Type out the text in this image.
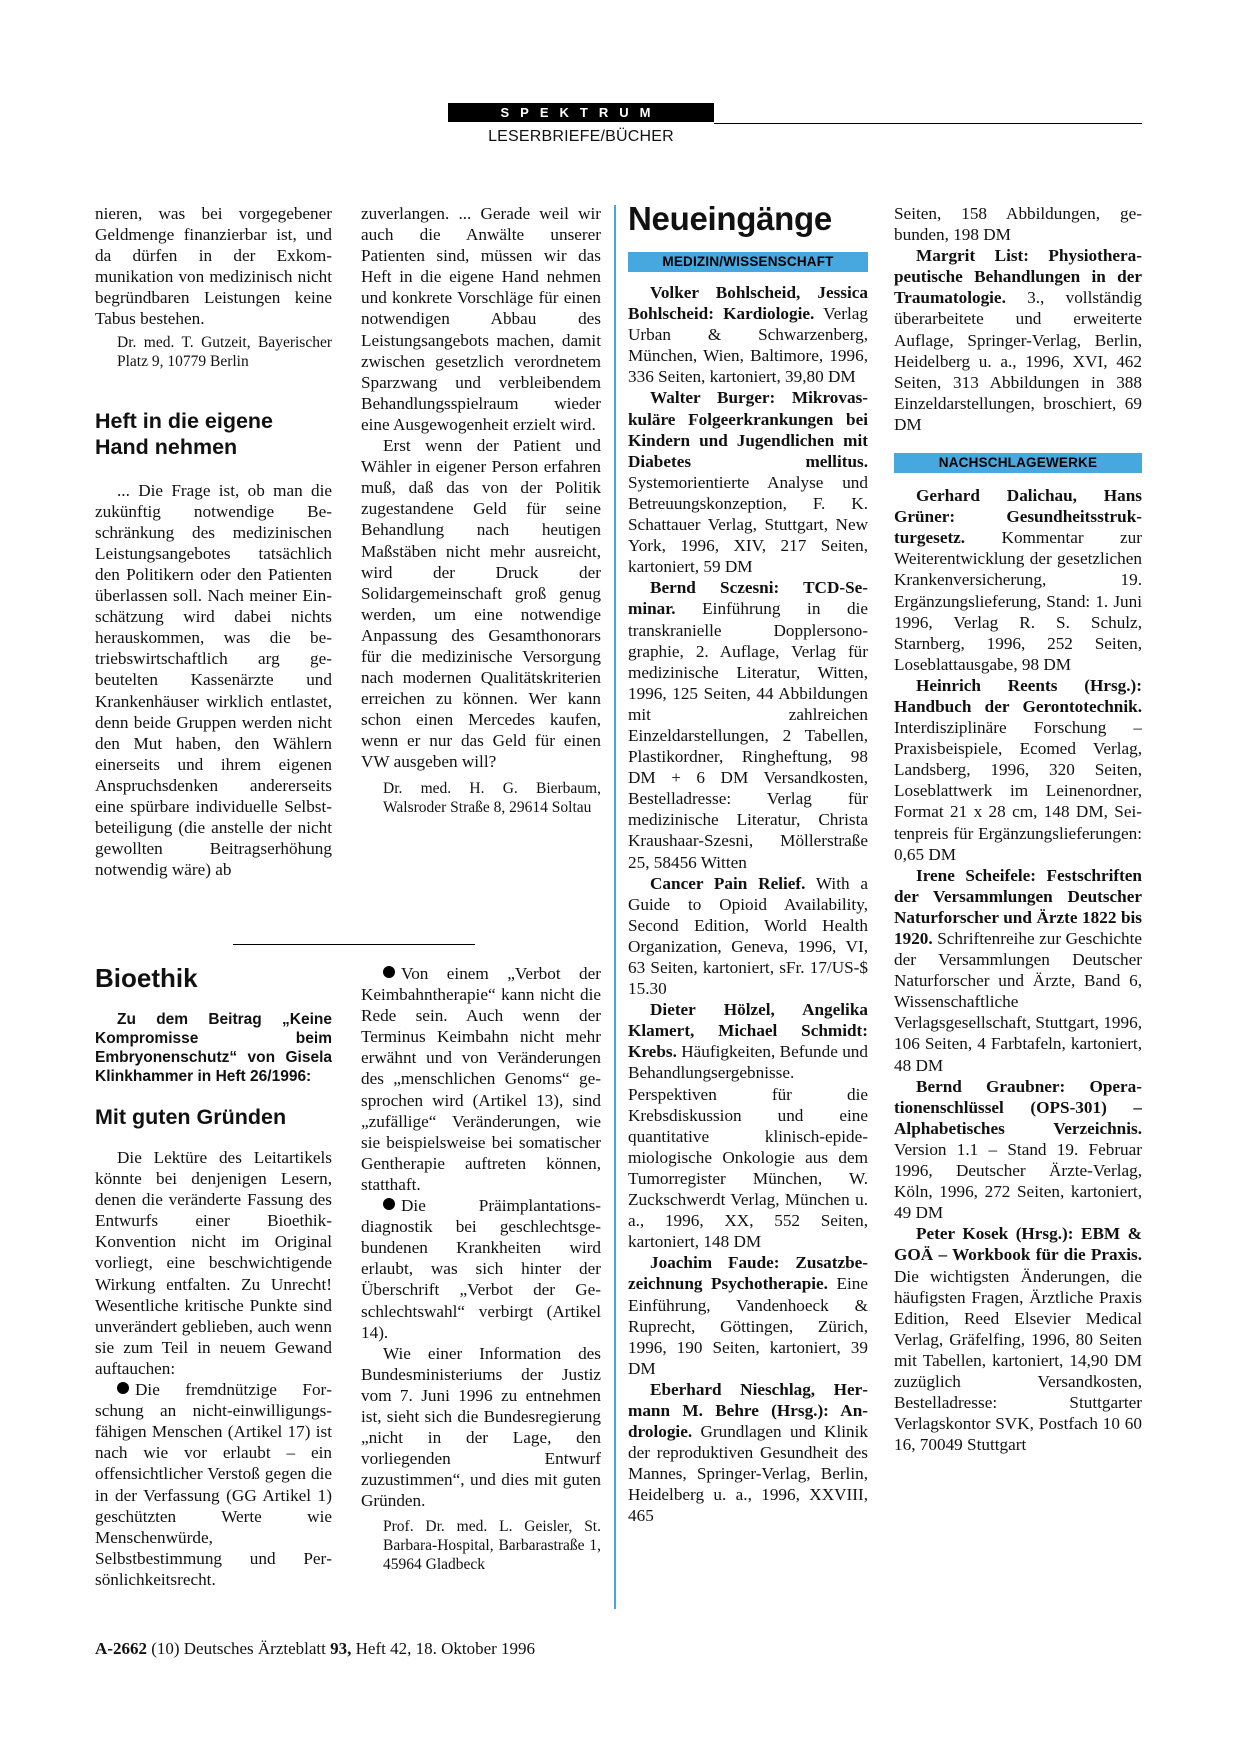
SPEKTRUM
LESERBRIEFE/BÜCHER

nieren, was bei vorgegebener Geldmenge finanzierbar ist, und da dürfen in der Exkommunikation von medizinisch nicht begründbaren Leistungen keine Tabus bestehen.

Dr. med. T. Gutzeit, Bayerischer Platz 9, 10779 Berlin
Heft in die eigene Hand nehmen

... Die Frage ist, ob man die zukünftig notwendige Beschränkung des medizinischen Leistungsangebotes tatsächlich den Politikern oder den Patienten überlassen soll. Nach meiner Einschätzung wird dabei nichts herauskommen, was die betriebswirtschaftlich arg gebeutelten Kassenärzte und Krankenhäuser wirklich entlastet, denn beide Gruppen werden nicht den Mut haben, den Wählern einerseits und ihrem eigenen Anspruchsdenken andererseits eine spürbare individuelle Selbstbeteiligung (die anstelle der nicht gewollten Beitragserhöhung notwendig wäre) ab

zuverlangen. ... Gerade weil wir auch die Anwälte unserer Patienten sind, müssen wir das Heft in die eigene Hand nehmen und konkrete Vorschläge für einen notwendigen Abbau des Leistungsangebots machen, damit zwischen gesetzlich verordnetem Sparzwang und verbleibendem Behandlungsspielraum wieder eine Ausgewogenheit erzielt wird.

Erst wenn der Patient und Wähler in eigener Person erfahren muß, daß das von der Politik zugestandene Geld für seine Behandlung nach heutigen Maßstäben nicht mehr ausreicht, wird der Druck der Solidargemeinschaft groß genug werden, um eine notwendige Anpassung des Gesamthonorars für die medizinische Versorgung nach modernen Qualitätskriterien erreichen zu können. Wer kann schon einen Mercedes kaufen, wenn er nur das Geld für einen VW ausgeben will?

Dr. med. H. G. Bierbaum, Walsroder Straße 8, 29614 Soltau
Bioethik

Zu dem Beitrag „Keine Kompromisse beim Embryonenschutz“ von Gisela Klinkhammer in Heft 26/1996:

Mit guten Gründen

Die Lektüre des Leitartikels könnte bei denjenigen Lesern, denen die veränderte Fassung des Entwurfs einer Bioethik-Konvention nicht im Original vorliegt, eine beschwichtigende Wirkung entfalten. Zu Unrecht! Wesentliche kritische Punkte sind unverändert geblieben, auch wenn sie zum Teil in neuem Gewand auftauchen:

Die fremdnützige Forschung an nicht-einwilligungsfähigen Menschen (Artikel 17) ist nach wie vor erlaubt – ein offensichtlicher Verstoß gegen die in der Verfassung (GG Artikel 1) geschützten Werte wie Menschenwürde, Selbstbestimmung und Persönlichkeitsrecht.

Von einem „Verbot der Keimbahntherapie“ kann nicht die Rede sein. Auch wenn der Terminus Keimbahn nicht mehr erwähnt und von Veränderungen des „menschlichen Genoms“ gesprochen wird (Artikel 13), sind „zufällige“ Veränderungen, wie sie beispielsweise bei somatischer Gentherapie auftreten können, statthaft.

Die Präimplantationsdiagnostik bei geschlechtsgebundenen Krankheiten wird erlaubt, was sich hinter der Überschrift „Verbot der Geschlechtswahl“ verbirgt (Artikel 14).

Wie einer Information des Bundesministeriums der Justiz vom 7. Juni 1996 zu entnehmen ist, sieht sich die Bundesregierung „nicht in der Lage, den vorliegenden Entwurf zuzustimmen“, und dies mit guten Gründen.

Prof. Dr. med. L. Geisler, St. Barbara-Hospital, Barbarastraße 1, 45964 Gladbeck
Neueingänge
MEDIZIN/WISSENSCHAFT

Volker Bohlscheid, Jessica Bohlscheid: Kardiologie. Verlag Urban & Schwarzenberg, München, Wien, Baltimore, 1996, 336 Seiten, kartoniert, 39,80 DM

Walter Burger: Mikrovaskuläre Folgeerkrankungen bei Kindern und Jugendlichen mit Diabetes mellitus. Systemorientierte Analyse und Betreuungskonzeption, F. K. Schattauer Verlag, Stuttgart, New York, 1996, XIV, 217 Seiten, kartoniert, 59 DM

Bernd Sczesni: TCD-Seminar. Einführung in die transkranielle Dopplersonographie, 2. Auflage, Verlag für medizinische Literatur, Witten, 1996, 125 Seiten, 44 Abbildungen mit zahlreichen Einzeldarstellungen, 2 Tabellen, Plastikordner, Ringheftung, 98 DM + 6 DM Versandkosten, Bestelladresse: Verlag für medizinische Literatur, Christa Kraushaar-Szesni, Möllerstraße 25, 58456 Witten

Cancer Pain Relief. With a Guide to Opioid Availability, Second Edition, World Health Organization, Geneva, 1996, VI, 63 Seiten, kartoniert, sFr. 17/US-$ 15.30

Dieter Hölzel, Angelika Klamert, Michael Schmidt: Krebs. Häufigkeiten, Befunde und Behandlungsergebnisse. Perspektiven für die Krebsdiskussion und eine quantitative klinisch-epidemiologische Onkologie aus dem Tumorregister München, W. Zuckschwerdt Verlag, München u. a., 1996, XX, 552 Seiten, kartoniert, 148 DM

Joachim Faude: Zusatzbezeichnung Psychotherapie. Eine Einführung, Vandenhoeck & Ruprecht, Göttingen, Zürich, 1996, 190 Seiten, kartoniert, 39 DM

Eberhard Nieschlag, Hermann M. Behre (Hrsg.): Andrologie. Grundlagen und Klinik der reproduktiven Gesundheit des Mannes, Springer-Verlag, Berlin, Heidelberg u. a., 1996, XXVIII, 465

Seiten, 158 Abbildungen, gebunden, 198 DM

Margrit List: Physiotherapeutische Behandlungen in der Traumatologie. 3., vollständig überarbeitete und erweiterte Auflage, Springer-Verlag, Berlin, Heidelberg u. a., 1996, XVI, 462 Seiten, 313 Abbildungen in 388 Einzeldarstellungen, broschiert, 69 DM

NACHSCHLAGEWERKE

Gerhard Dalichau, Hans Grüner: Gesundheitsstrukturgesetz. Kommentar zur Weiterentwicklung der gesetzlichen Krankenversicherung, 19. Ergänzungslieferung, Stand: 1. Juni 1996, Verlag R. S. Schulz, Starnberg, 1996, 252 Seiten, Loseblattausgabe, 98 DM

Heinrich Reents (Hrsg.): Handbuch der Gerontotechnik. Interdisziplinäre Forschung – Praxisbeispiele, Ecomed Verlag, Landsberg, 1996, 320 Seiten, Loseblattwerk im Leinenordner, Format 21 x 28 cm, 148 DM, Seitenpreis für Ergänzungslieferungen: 0,65 DM

Irene Scheifele: Festschriften der Versammlungen Deutscher Naturforscher und Ärzte 1822 bis 1920. Schriftenreihe zur Geschichte der Versammlungen Deutscher Naturforscher und Ärzte, Band 6, Wissenschaftliche Verlagsgesellschaft, Stuttgart, 1996, 106 Seiten, 4 Farbtafeln, kartoniert, 48 DM

Bernd Graubner: Operationenschlüssel (OPS-301) – Alphabetisches Verzeichnis. Version 1.1 – Stand 19. Februar 1996, Deutscher Ärzte-Verlag, Köln, 1996, 272 Seiten, kartoniert, 49 DM

Peter Kosek (Hrsg.): EBM & GOÄ – Workbook für die Praxis. Die wichtigsten Änderungen, die häufigsten Fragen, Ärztliche Praxis Edition, Reed Elsevier Medical Verlag, Gräfelfing, 1996, 80 Seiten mit Tabellen, kartoniert, 14,90 DM zuzüglich Versandkosten, Bestelladresse: Stuttgarter Verlagskontor SVK, Postfach 10 60 16, 70049 Stuttgart

A-2662 (10) Deutsches Ärzteblatt 93, Heft 42, 18. Oktober 1996
